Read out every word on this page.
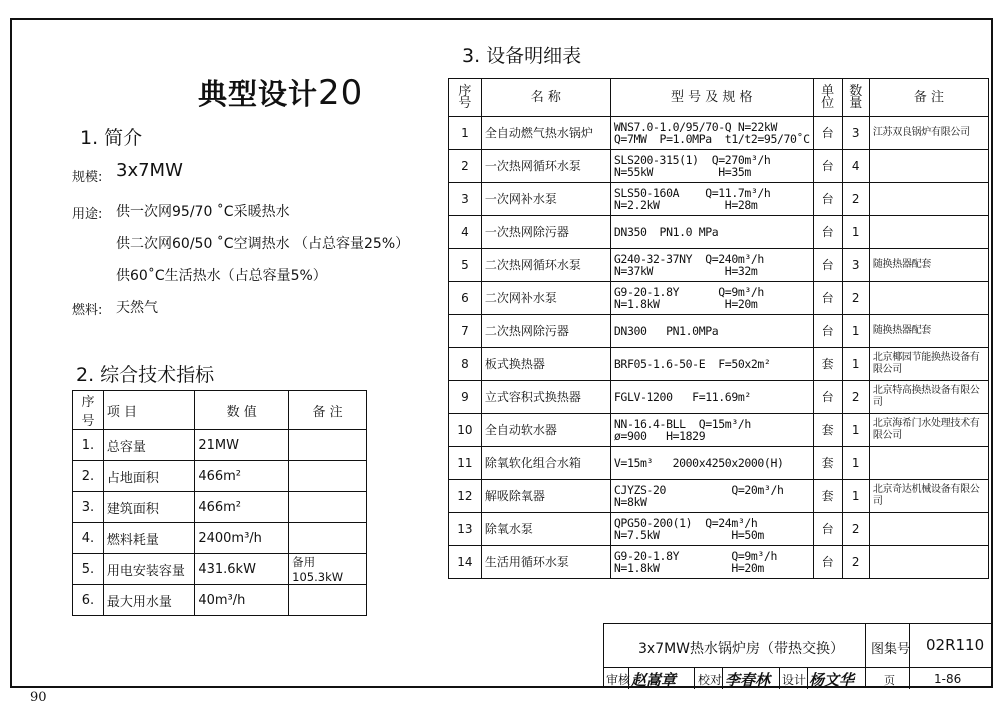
典型设计20
1. 简介
规模: 3x7MW
用途: 供一次网95/70 ˚C采暖热水
供二次网60/50 ˚C空调热水 （占总容量25%）
供60˚C生活热水（占总容量5%）
燃料: 天然气
2. 综合技术指标
序号	项 目	数 值	备 注
1.	总容量	21MW	
2.	占地面积	466m²	
3.	建筑面积	466m²	
4.	燃料耗量	2400m³/h	
5.	用电安装容量	431.6kW	备用105.3kW
6.	最大用水量	40m³/h	
3. 设备明细表
序号	名 称	型 号 及 规 格	单位	数量	备 注
1	全自动燃气热水锅炉	WNS7.0-1.0/95/70-Q N=22kW
Q=7MW  P=1.0MPa  t1/t2=95/70˚C	台	3	江苏双良锅炉有限公司
2	一次热网循环水泵	SLS200-315(1)  Q=270m³/h
N=55kW          H=35m	台	4	
3	一次网补水泵	SLS50-160A    Q=11.7m³/h
N=2.2kW          H=28m	台	2	
4	一次热网除污器	DN350  PN1.0 MPa	台	1	
5	二次热网循环水泵	G240-32-37NY  Q=240m³/h
N=37kW           H=32m	台	3	随换热器配套
6	二次网补水泵	G9-20-1.8Y      Q=9m³/h
N=1.8kW          H=20m	台	2	
7	二次热网除污器	DN300   PN1.0MPa	台	1	随换热器配套
8	板式换热器	BRF05-1.6-50-E  F=50x2m²	套	1	北京椰园节能换热设备有限公司
9	立式容积式换热器	FGLV-1200   F=11.69m²	台	2	北京特高换热设备有限公司
10	全自动软水器	NN-16.4-BLL  Q=15m³/h
ø=900   H=1829	套	1	北京海希门水处理技术有限公司
11	除氧软化组合水箱	V=15m³   2000x4250x2000(H)	套	1	
12	解吸除氧器	CJYZS-20          Q=20m³/h
N=8kW	套	1	北京奇达机械设备有限公司
13	除氧水泵	QPG50-200(1)  Q=24m³/h
N=7.5kW           H=50m	台	2	
14	生活用循环水泵	G9-20-1.8Y        Q=9m³/h
N=1.8kW           H=20m	台	2	
3x7MW热水锅炉房（带热交换） 图集号 02R110
审核 赵嵩章 校对 李春林 设计 杨文华	页	1-86
90
